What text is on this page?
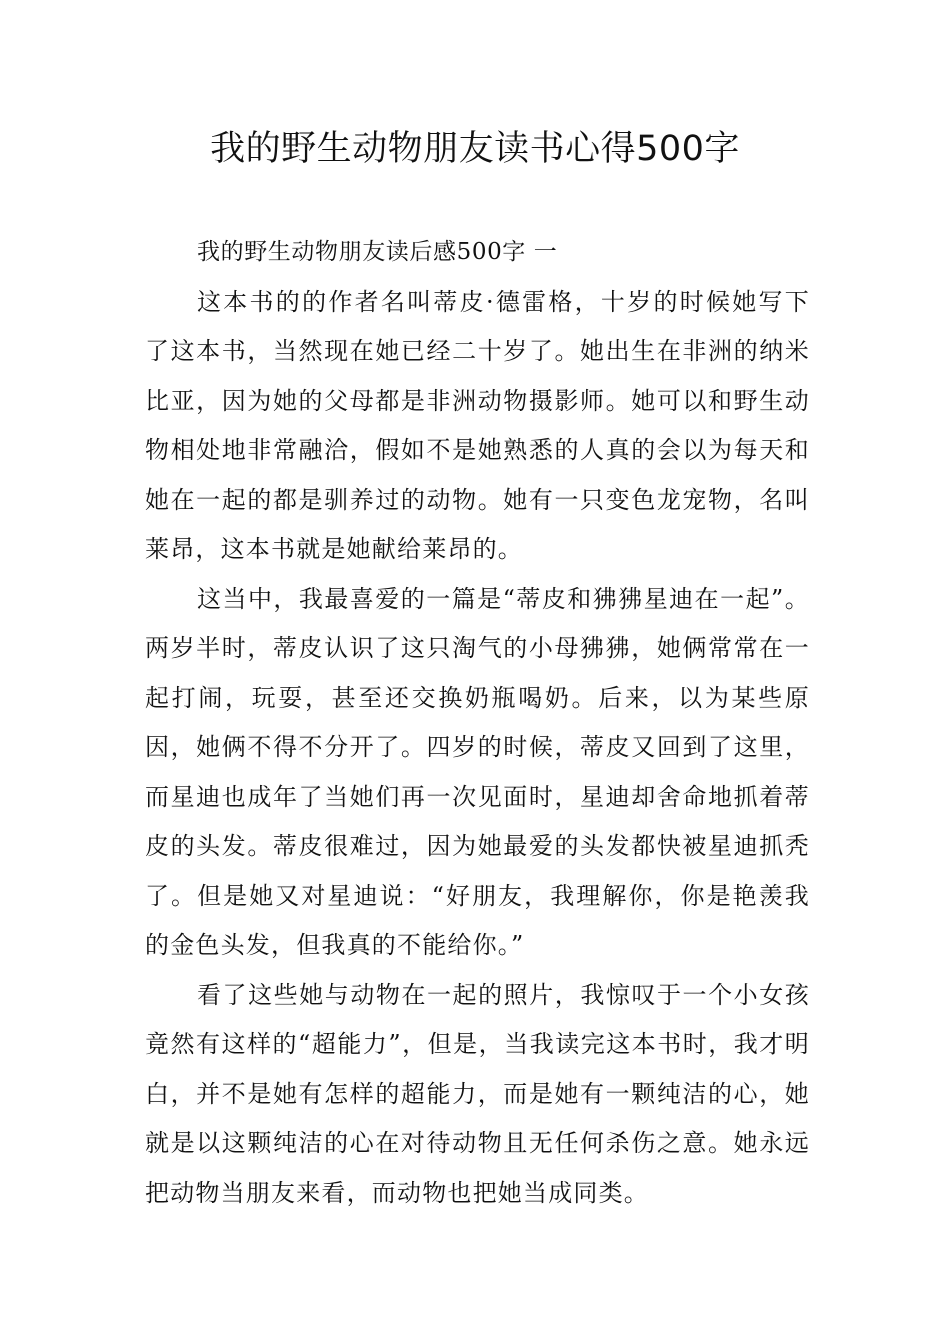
我的野生动物朋友读书心得500字

我的野生动物朋友读后感500字 一

这本书的的作者名叫蒂皮·德雷格，十岁的时候她写下了这本书，当然现在她已经二十岁了。她出生在非洲的纳米比亚，因为她的父母都是非洲动物摄影师。她可以和野生动物相处地非常融洽，假如不是她熟悉的人真的会以为每天和她在一起的都是驯养过的动物。她有一只变色龙宠物，名叫莱昂，这本书就是她献给莱昂的。

这当中，我最喜爱的一篇是“蒂皮和狒狒星迪在一起”。两岁半时，蒂皮认识了这只淘气的小母狒狒，她俩常常在一起打闹，玩耍，甚至还交换奶瓶喝奶。后来，以为某些原因，她俩不得不分开了。四岁的时候，蒂皮又回到了这里，而星迪也成年了当她们再一次见面时，星迪却舍命地抓着蒂皮的头发。蒂皮很难过，因为她最爱的头发都快被星迪抓秃了。但是她又对星迪说：“好朋友，我理解你，你是艳羡我的金色头发，但我真的不能给你。”

看了这些她与动物在一起的照片，我惊叹于一个小女孩竟然有这样的“超能力”，但是，当我读完这本书时，我才明白，并不是她有怎样的超能力，而是她有一颗纯洁的心，她就是以这颗纯洁的心在对待动物且无任何杀伤之意。她永远把动物当朋友来看，而动物也把她当成同类。
